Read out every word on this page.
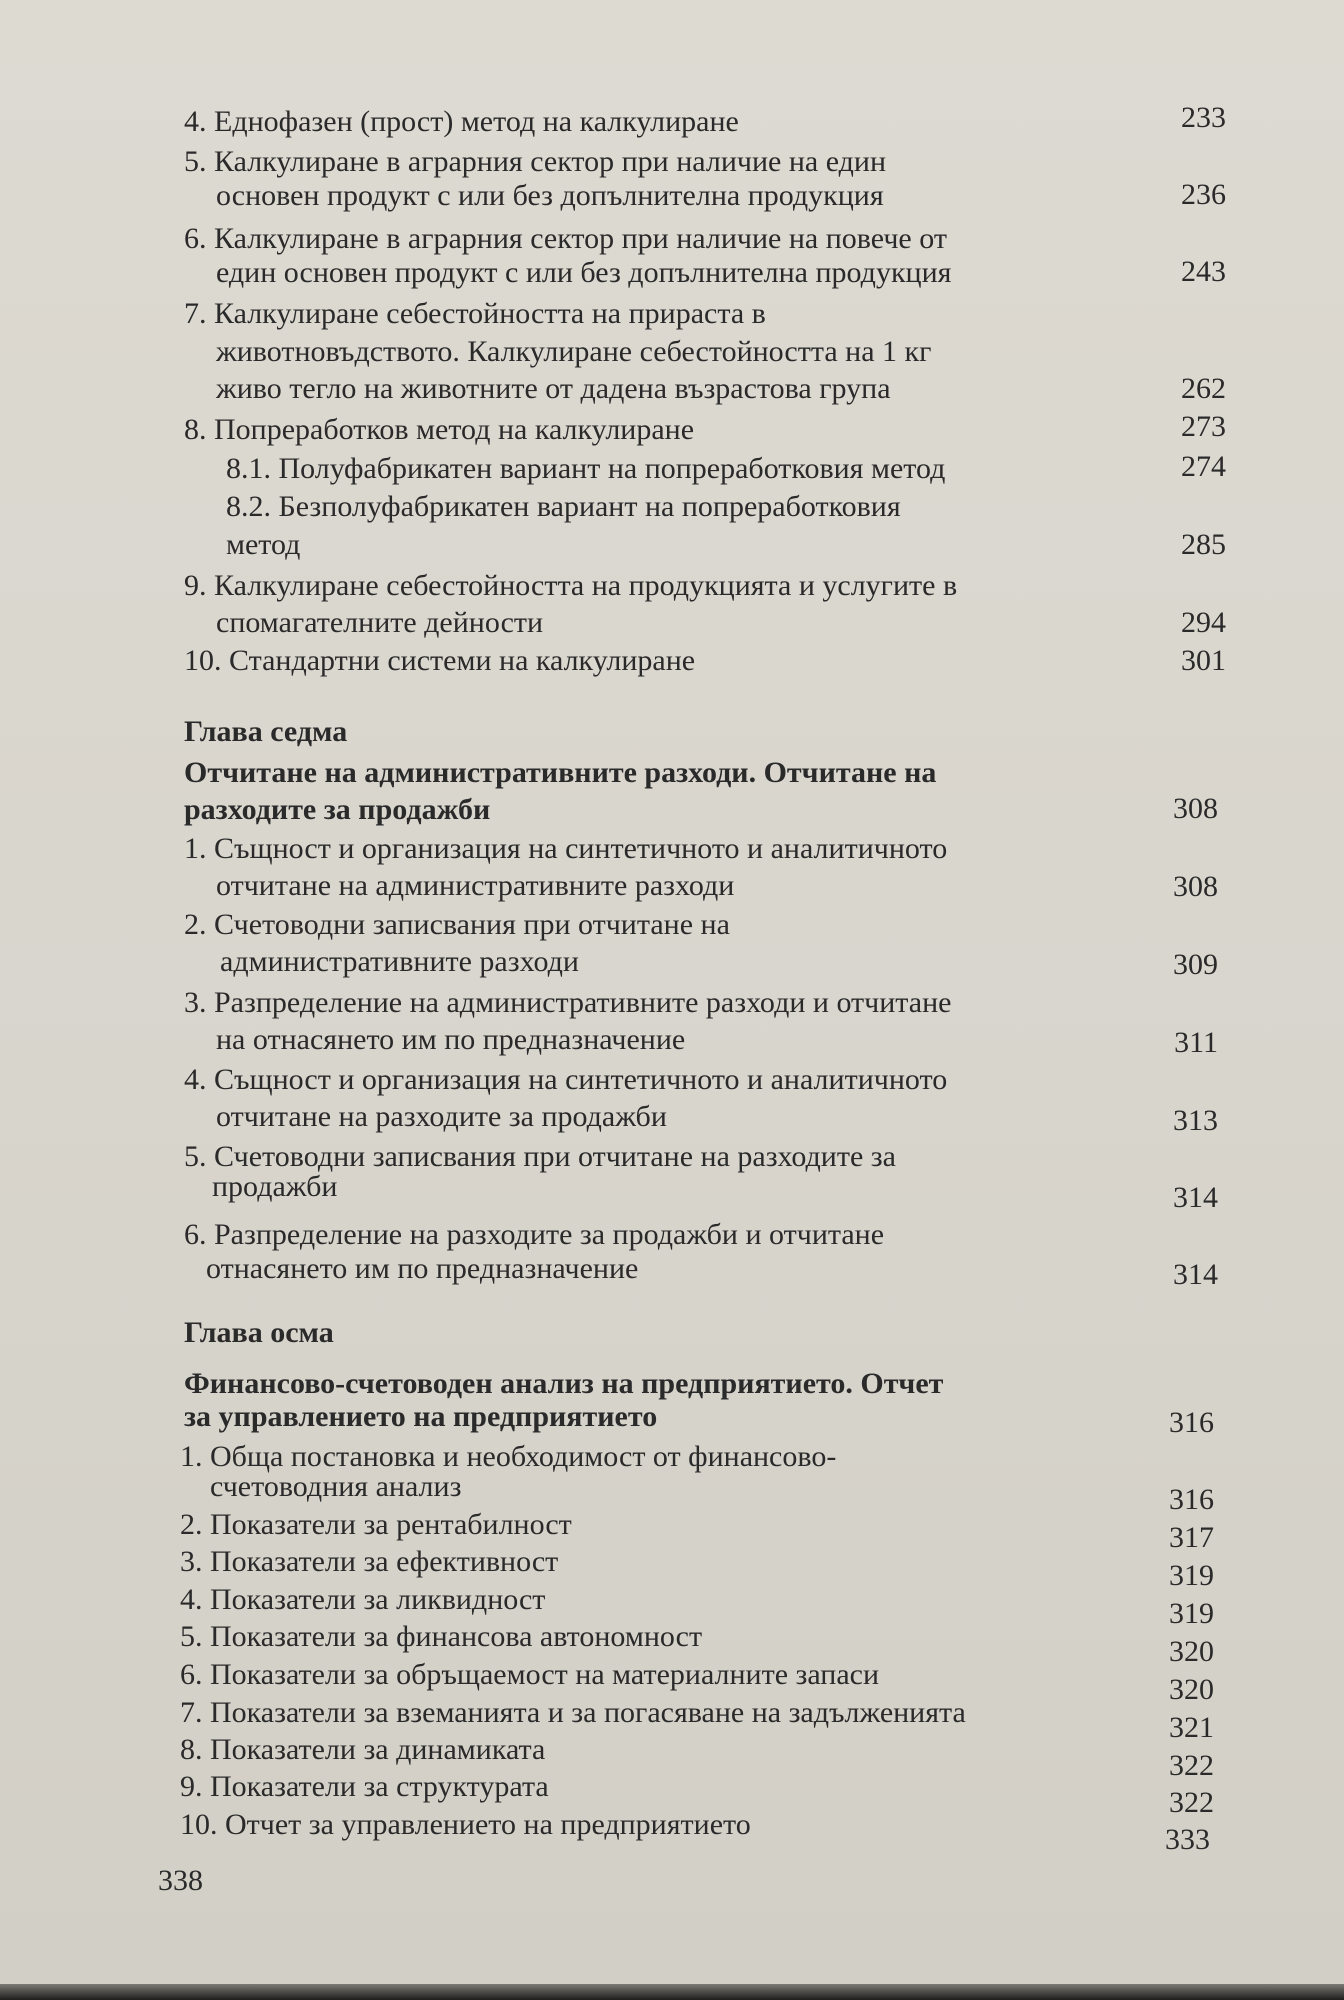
4. Еднофазен (прост) метод на калкулиране	233
5. Калкулиране в аграрния сектор при наличие на един
основен продукт с или без допълнителна продукция	236
6. Калкулиране в аграрния сектор при наличие на повече от
един основен продукт с или без допълнителна продукция	243
7. Калкулиране себестойността на прираста в
животновъдството. Калкулиране себестойността на 1 кг
живо тегло на животните от дадена възрастова група	262
8. Попреработков метод на калкулиране	273
8.1. Полуфабрикатен вариант на попреработковия метод	274
8.2. Безполуфабрикатен вариант на попреработковия
метод	285
9. Калкулиране себестойността на продукцията и услугите в
спомагателните дейности	294
10. Стандартни системи на калкулиране	301
Глава седма
Отчитане на административните разходи. Отчитане на
разходите за продажби	308
1. Същност и организация на синтетичното и аналитичното
отчитане на административните разходи	308
2. Счетоводни записвания при отчитане на
административните разходи	309
3. Разпределение на административните разходи и отчитане
на отнасянето им по предназначение	311
4. Същност и организация на синтетичното и аналитичното
отчитане на разходите за продажби	313
5. Счетоводни записвания при отчитане на разходите за
продажби	314
6. Разпределение на разходите за продажби и отчитане
отнасянето им по предназначение	314
Глава осма
Финансово-счетоводен анализ на предприятието. Отчет
за управлението на предприятието	316
1. Обща постановка и необходимост от финансово-
счетоводния анализ	316
2. Показатели за рентабилност	317
3. Показатели за ефективност	319
4. Показатели за ликвидност	319
5. Показатели за финансова автономност	320
6. Показатели за обръщаемост на материалните запаси	320
7. Показатели за вземанията и за погасяване на задълженията	321
8. Показатели за динамиката	322
9. Показатели за структурата	322
10. Отчет за управлението на предприятието	333
338
